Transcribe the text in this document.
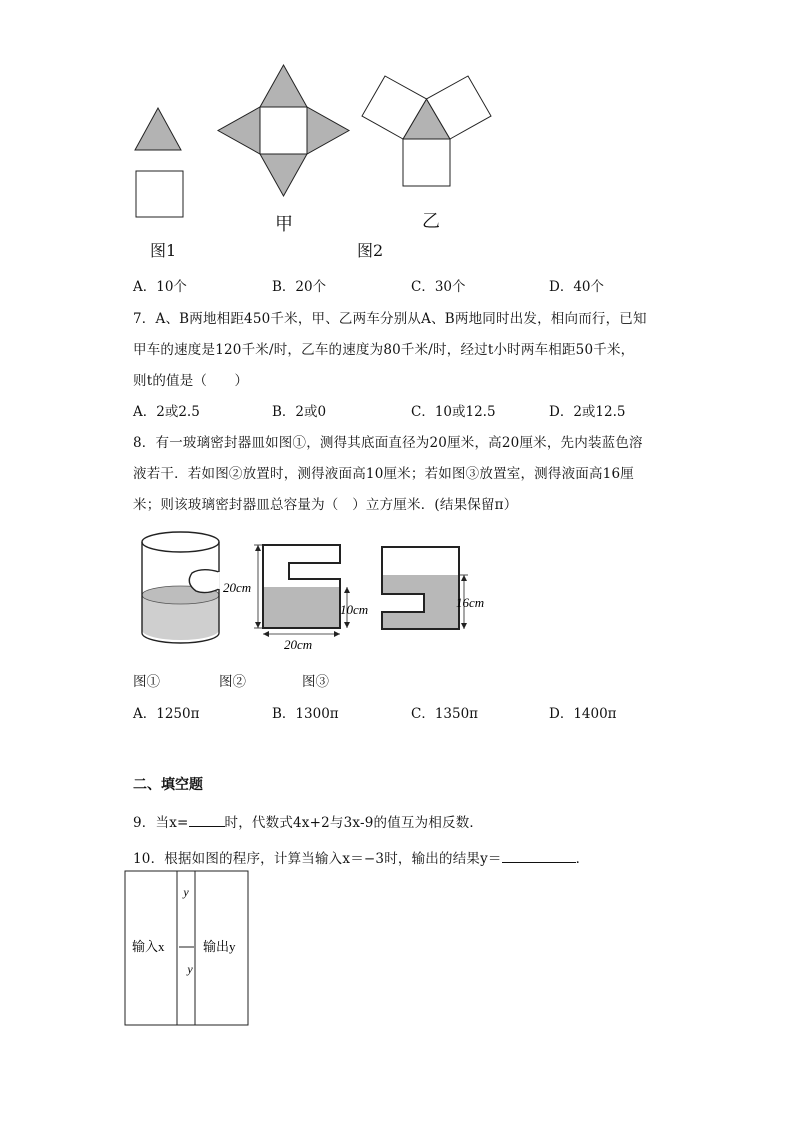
甲	乙
图1	图2
A．10个	B．20个	C．30个	D．40个
7．A、B两地相距450千米，甲、乙两车分别从A、B两地同时出发，相向而行，已知
甲车的速度是120千米/时，乙车的速度为80千米/时，经过t小时两车相距50千米，
则t的值是（　　）
A．2或2.5	B．2或0	C．10或12.5	D．2或12.5
8．有一玻璃密封器皿如图①，测得其底面直径为20厘米，高20厘米，先内装蓝色溶
液若干．若如图②放置时，测得液面高10厘米；若如图③放置室，测得液面高16厘
米；则该玻璃密封器皿总容量为（　）立方厘米．(结果保留π）
20cm
10cm
20cm
16cm
图①	图②	图③
A．1250π	B．1300π	C．1350π	D．1400π
二、填空题
9．当x=	时，代数式4x+2与3x-9的值互为相反数．
10．根据如图的程序，计算当输入x＝−3时，输出的结果y＝	．
y
y
输入x	输出y
